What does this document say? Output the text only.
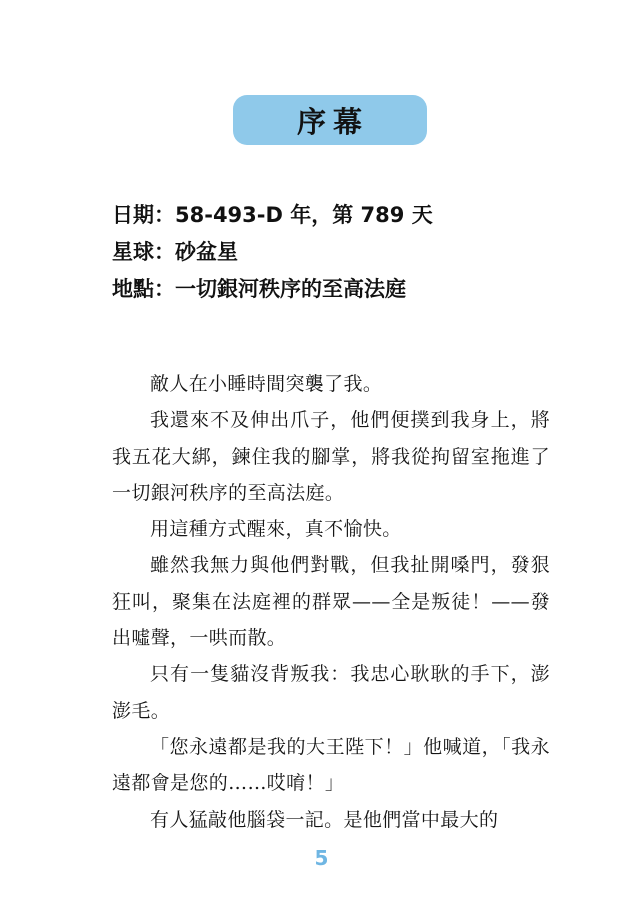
序幕
日期：58-493-D 年，第 789 天
星球：砂盆星
地點：一切銀河秩序的至高法庭

敵人在小睡時間突襲了我。

我還來不及伸出爪子，他們便撲到我身上，將我五花大綁，鍊住我的腳掌，將我從拘留室拖進了一切銀河秩序的至高法庭。

用這種方式醒來，真不愉快。

雖然我無力與他們對戰，但我扯開嗓門，發狠狂叫，聚集在法庭裡的群眾——全是叛徒！——發出噓聲，一哄而散。

只有一隻貓沒背叛我：我忠心耿耿的手下，澎澎毛。

「您永遠都是我的大王陛下！」他喊道，「我永遠都會是您的……哎唷！」

有人猛敲他腦袋一記。是他們當中最大的

5
